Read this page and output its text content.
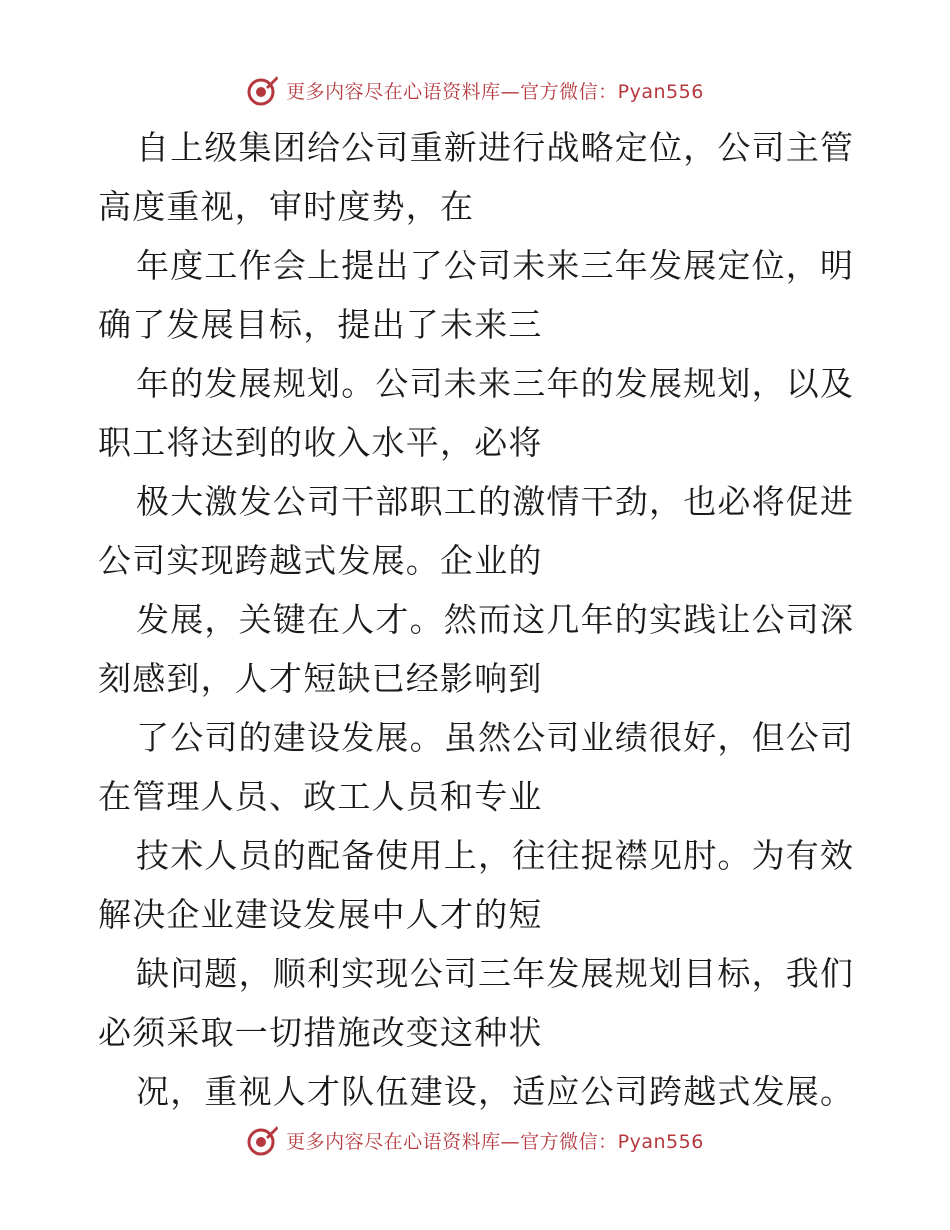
更多内容尽在心语资料库—官方微信：Pyan556
自上级集团给公司重新进行战略定位，公司主管
高度重视，审时度势，在
年度工作会上提出了公司未来三年发展定位，明
确了发展目标，提出了未来三
年的发展规划。公司未来三年的发展规划，以及
职工将达到的收入水平，必将
极大激发公司干部职工的激情干劲，也必将促进
公司实现跨越式发展。企业的
发展，关键在人才。然而这几年的实践让公司深
刻感到，人才短缺已经影响到
了公司的建设发展。虽然公司业绩很好，但公司
在管理人员、政工人员和专业
技术人员的配备使用上，往往捉襟见肘。为有效
解决企业建设发展中人才的短
缺问题，顺利实现公司三年发展规划目标，我们
必须采取一切措施改变这种状
况，重视人才队伍建设，适应公司跨越式发展。
更多内容尽在心语资料库—官方微信：Pyan556
